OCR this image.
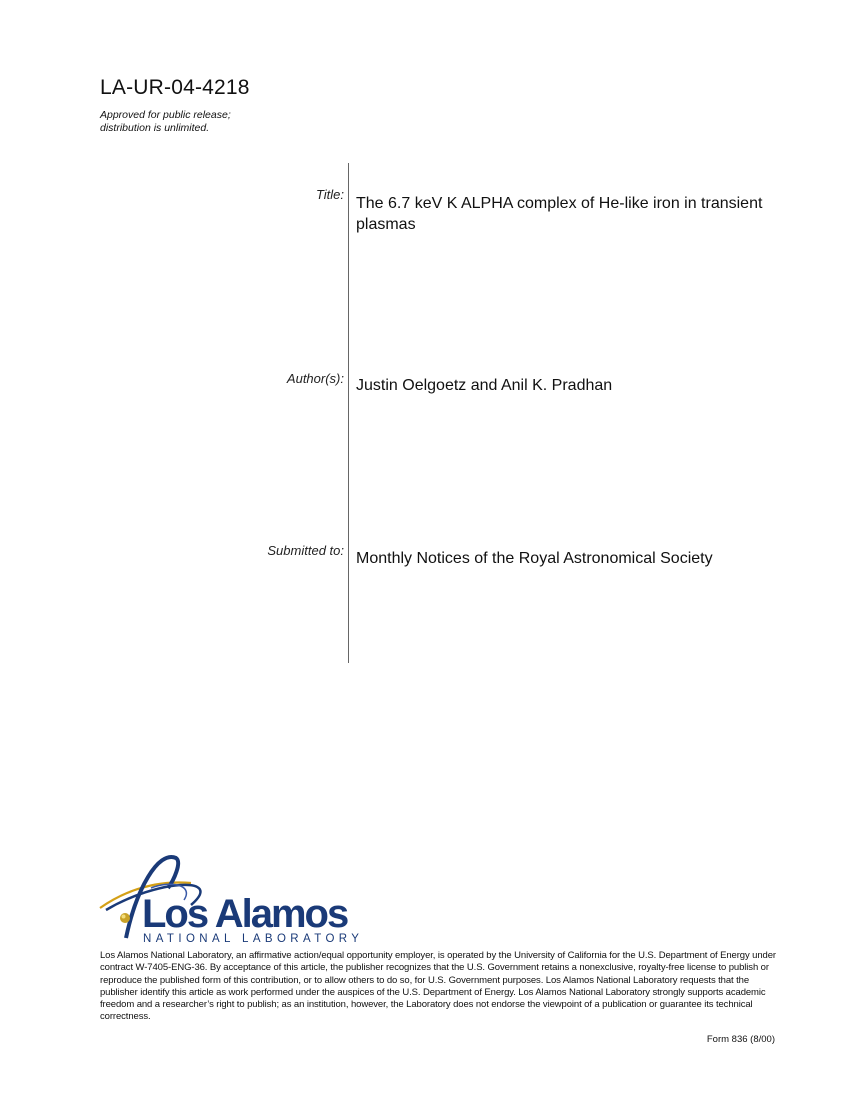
LA-UR-04-4218
Approved for public release;
distribution is unlimited.
Title:
The 6.7 keV K ALPHA complex of He-like iron in transient plasmas
Author(s): Justin Oelgoetz and Anil K. Pradhan
Submitted to: Monthly Notices of the Royal Astronomical Society
Los Alamos
NATIONAL LABORATORY
Los Alamos National Laboratory, an affirmative action/equal opportunity employer, is operated by the University of California for the U.S. Department of Energy under contract W-7405-ENG-36. By acceptance of this article, the publisher recognizes that the U.S. Government retains a nonexclusive, royalty-free license to publish or reproduce the published form of this contribution, or to allow others to do so, for U.S. Government purposes. Los Alamos National Laboratory requests that the publisher identify this article as work performed under the auspices of the U.S. Department of Energy. Los Alamos National Laboratory strongly supports academic freedom and a researcher’s right to publish; as an institution, however, the Laboratory does not endorse the viewpoint of a publication or guarantee its technical correctness.
Form 836 (8/00)
